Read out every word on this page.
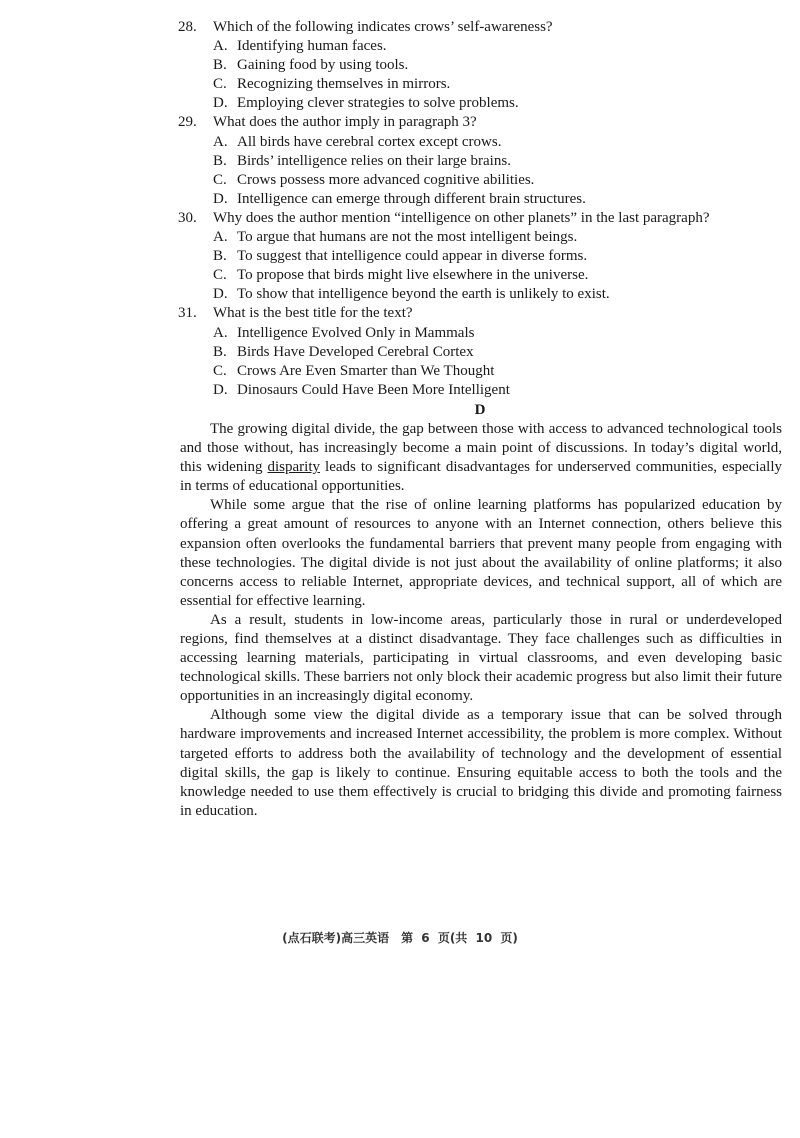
28.	Which of the following indicates crows’ self-awareness?
A. Identifying human faces.
B. Gaining food by using tools.
C. Recognizing themselves in mirrors.
D. Employing clever strategies to solve problems.
29.	What does the author imply in paragraph 3?
A. All birds have cerebral cortex except crows.
B. Birds’ intelligence relies on their large brains.
C. Crows possess more advanced cognitive abilities.
D. Intelligence can emerge through different brain structures.
30.	Why does the author mention “intelligence on other planets” in the last paragraph?
A. To argue that humans are not the most intelligent beings.
B. To suggest that intelligence could appear in diverse forms.
C. To propose that birds might live elsewhere in the universe.
D. To show that intelligence beyond the earth is unlikely to exist.
31.	What is the best title for the text?
A. Intelligence Evolved Only in Mammals
B. Birds Have Developed Cerebral Cortex
C. Crows Are Even Smarter than We Thought
D. Dinosaurs Could Have Been More Intelligent
D

The growing digital divide, the gap between those with access to advanced technological tools and those without, has increasingly become a main point of discussions. In today’s digital world, this widening disparity leads to significant disadvantages for underserved communities, especially in terms of educational opportunities.

While some argue that the rise of online learning platforms has popularized education by offering a great amount of resources to anyone with an Internet connection, others believe this expansion often overlooks the fundamental barriers that prevent many people from engaging with these technologies. The digital divide is not just about the availability of online platforms; it also concerns access to reliable Internet, appropriate devices, and technical support, all of which are essential for effective learning.

As a result, students in low-income areas, particularly those in rural or underdeveloped regions, find themselves at a distinct disadvantage. They face challenges such as difficulties in accessing learning materials, participating in virtual classrooms, and even developing basic technological skills. These barriers not only block their academic progress but also limit their future opportunities in an increasingly digital economy.

Although some view the digital divide as a temporary issue that can be solved through hardware improvements and increased Internet accessibility, the problem is more complex. Without targeted efforts to address both the availability of technology and the development of essential digital skills, the gap is likely to continue. Ensuring equitable access to both the tools and the knowledge needed to use them effectively is crucial to bridging this divide and promoting fairness in education.

(点石联考)高三英语　第 6 页(共 10 页)
